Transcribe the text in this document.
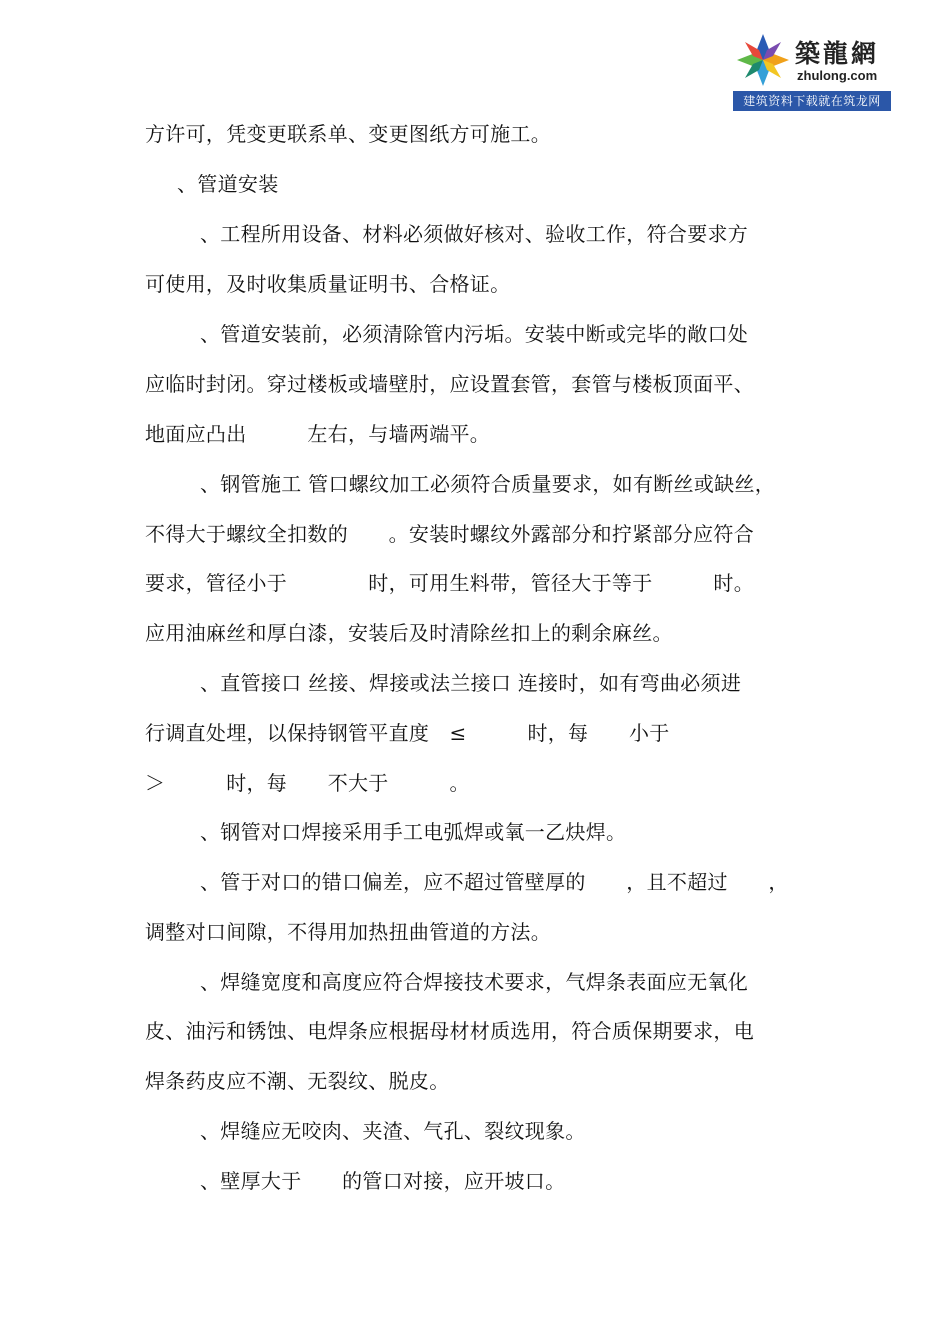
築龍網
zhulong.com
建筑资料下载就在筑龙网
方许可，凭变更联系单、变更图纸方可施工。
、管道安装
、工程所用设备、材料必须做好核对、验收工作，符合要求方
可使用，及时收集质量证明书、合格证。
、管道安装前，必须清除管内污垢。安装中断或完毕的敞口处
应临时封闭。穿过楼板或墙壁肘，应设置套管，套管与楼板顶面平、
地面应凸出　　　左右，与墙两端平。
、钢管施工 管口螺纹加工必须符合质量要求，如有断丝或缺丝，
不得大于螺纹全扣数的　　。安装时螺纹外露部分和拧紧部分应符合
要求，管径小于　　　　时，可用生料带，管径大于等于　　　时。
应用油麻丝和厚白漆，安装后及时清除丝扣上的剩余麻丝。
、直管接口 丝接、焊接或法兰接口 连接时，如有弯曲必须进
行调直处埋，以保持钢管平直度　≤　　　时，每　　小于
＞　　　时，每　　不大于　　　。
、钢管对口焊接采用手工电弧焊或氧一乙炔焊。
、管于对口的错口偏差，应不超过管壁厚的　　，且不超过　　，
调整对口间隙，不得用加热扭曲管道的方法。
、焊缝宽度和高度应符合焊接技术要求，气焊条表面应无氧化
皮、油污和锈蚀、电焊条应根据母材材质选用，符合质保期要求，电
焊条药皮应不潮、无裂纹、脱皮。
、焊缝应无咬肉、夹渣、气孔、裂纹现象。
、壁厚大于　　的管口对接，应开坡口。
